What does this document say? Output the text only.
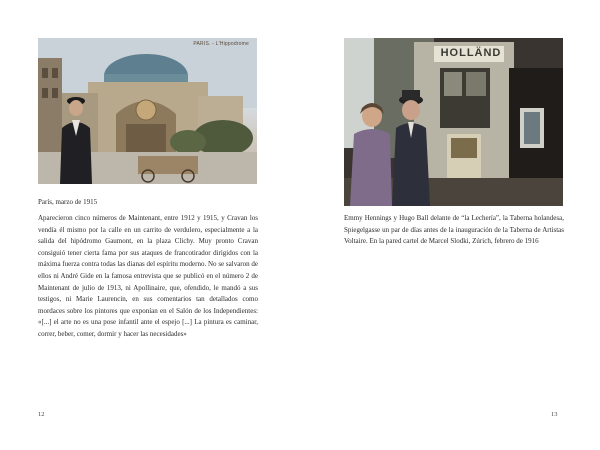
PARIS. - L'Hippodrome
HOLLÄND
París, marzo de 1915
Aparecieron cinco números de Maintenant, entre 1912 y 1915, y Cravan los vendía él mismo por la calle en un carrito de verdulero, especialmente a la salida del hipódromo Gaumont, en la plaza Clichy. Muy pronto Cravan consiguió tener cierta fama por sus ataques de francotirador dirigidos con la máxima fuerza contra todas las dianas del espíritu moderno. No se salvaron de ellos ni André Gide en la famosa entrevista que se publicó en el número 2 de Maintenant de julio de 1913, ni Apollinaire, que, ofendido, le mandó a sus testigos, ni Marie Laurencin, en sus comentarios tan detallados como mordaces sobre los pintores que exponían en el Salón de los Independientes: «[...] el arte no es una pose infantil ante el espejo [...] La pintura es caminar, correr, beber, comer, dormir y hacer las necesidades»
Emmy Hennings y Hugo Ball delante de “la Lechería”, la Taberna holandesa, Spiegelgasse un par de días antes de la inauguración de la Taberna de Artistas Voltaire. En la pared cartel de Marcel Slodki, Zúrich, febrero de 1916
12	13
